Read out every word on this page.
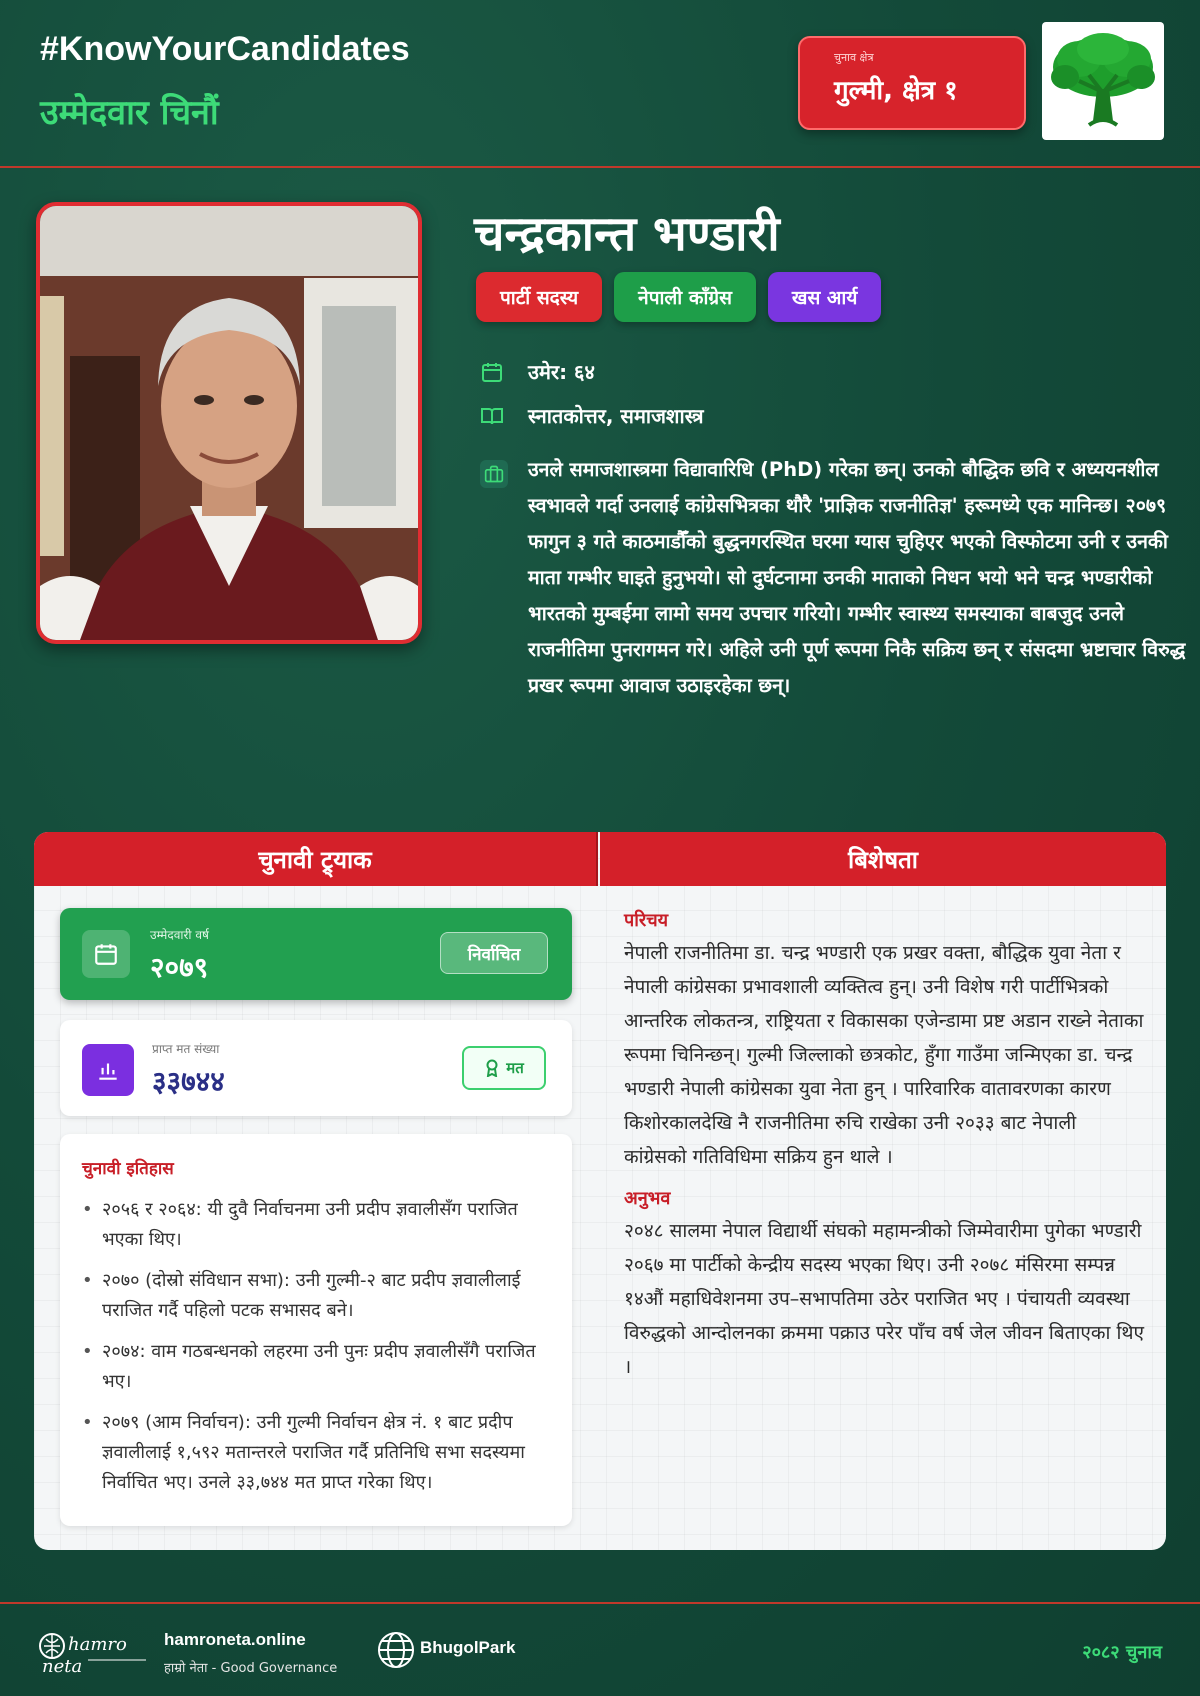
#KnowYourCandidates
उम्मेदवार चिनौं
चुनाव क्षेत्र
गुल्मी, क्षेत्र १
चन्द्रकान्त भण्डारी
पार्टी सदस्य	नेपाली काँग्रेस	खस आर्य
उमेर: ६४
स्नातकोत्तर, समाजशास्त्र

उनले समाजशास्त्रमा विद्यावारिधि (PhD) गरेका छन्। उनको बौद्धिक छवि र अध्ययनशील स्वभावले गर्दा उनलाई कांग्रेसभित्रका थौरै 'प्राज्ञिक राजनीतिज्ञ' हरूमध्ये एक मानिन्छ। २०७९ फागुन ३ गते काठमाडौँको बुद्धनगरस्थित घरमा ग्यास चुहिएर भएको विस्फोटमा उनी र उनकी माता गम्भीर घाइते हुनुभयो। सो दुर्घटनामा उनकी माताको निधन भयो भने चन्द्र भण्डारीको भारतको मुम्बईमा लामो समय उपचार गरियो। गम्भीर स्वास्थ्य समस्याका बाबजुद उनले राजनीतिमा पुनरागमन गरे। अहिले उनी पूर्ण रूपमा निकै सक्रिय छन् र संसदमा भ्रष्टाचार विरुद्ध प्रखर रूपमा आवाज उठाइरहेका छन्।

चुनावी ट्र्याक	बिशेषता
उम्मेदवारी वर्ष
२०७९	निर्वाचित
प्राप्त मत संख्या
३३७४४	मत
चुनावी इतिहास
• २०५६ र २०६४: यी दुवै निर्वाचनमा उनी प्रदीप ज्ञवालीसँग पराजित भएका थिए।
• २०७० (दोस्रो संविधान सभा): उनी गुल्मी-२ बाट प्रदीप ज्ञवालीलाई पराजित गर्दै पहिलो पटक सभासद बने।
• २०७४: वाम गठबन्धनको लहरमा उनी पुनः प्रदीप ज्ञवालीसँगै पराजित भए।
• २०७९ (आम निर्वाचन): उनी गुल्मी निर्वाचन क्षेत्र नं. १ बाट प्रदीप ज्ञवालीलाई १,५९२ मतान्तरले पराजित गर्दै प्रतिनिधि सभा सदस्यमा निर्वाचित भए। उनले ३३,७४४ मत प्राप्त गरेका थिए।
परिचय

नेपाली राजनीतिमा डा. चन्द्र भण्डारी एक प्रखर वक्ता, बौद्धिक युवा नेता र नेपाली कांग्रेसका प्रभावशाली व्यक्तित्व हुन्। उनी विशेष गरी पार्टीभित्रको आन्तरिक लोकतन्त्र, राष्ट्रियता र विकासका एजेन्डामा प्रष्ट अडान राख्ने नेताका रूपमा चिनिन्छन्। गुल्मी जिल्लाको छत्रकोट, हुँगा गाउँमा जन्मिएका डा. चन्द्र भण्डारी नेपाली कांग्रेसका युवा नेता हुन् । पारिवारिक वातावरणका कारण किशोरकालदेखि नै राजनीतिमा रुचि राखेका उनी २०३३ बाट नेपाली कांग्रेसको गतिविधिमा सक्रिय हुन थाले ।

अनुभव

२०४८ सालमा नेपाल विद्यार्थी संघको महामन्त्रीको जिम्मेवारीमा पुगेका भण्डारी २०६७ मा पार्टीको केन्द्रीय सदस्य भएका थिए। उनी २०७८ मंसिरमा सम्पन्न १४औं महाधिवेशनमा उप–सभापतिमा उठेर पराजित भए । पंचायती व्यवस्था विरुद्धको आन्दोलनका क्रममा पक्राउ परेर पाँच वर्ष जेल जीवन बिताएका थिए ।

hamro
neta
hamroneta.online
हाम्रो नेता - Good Governance
BhugolPark	२०८२ चुनाव
